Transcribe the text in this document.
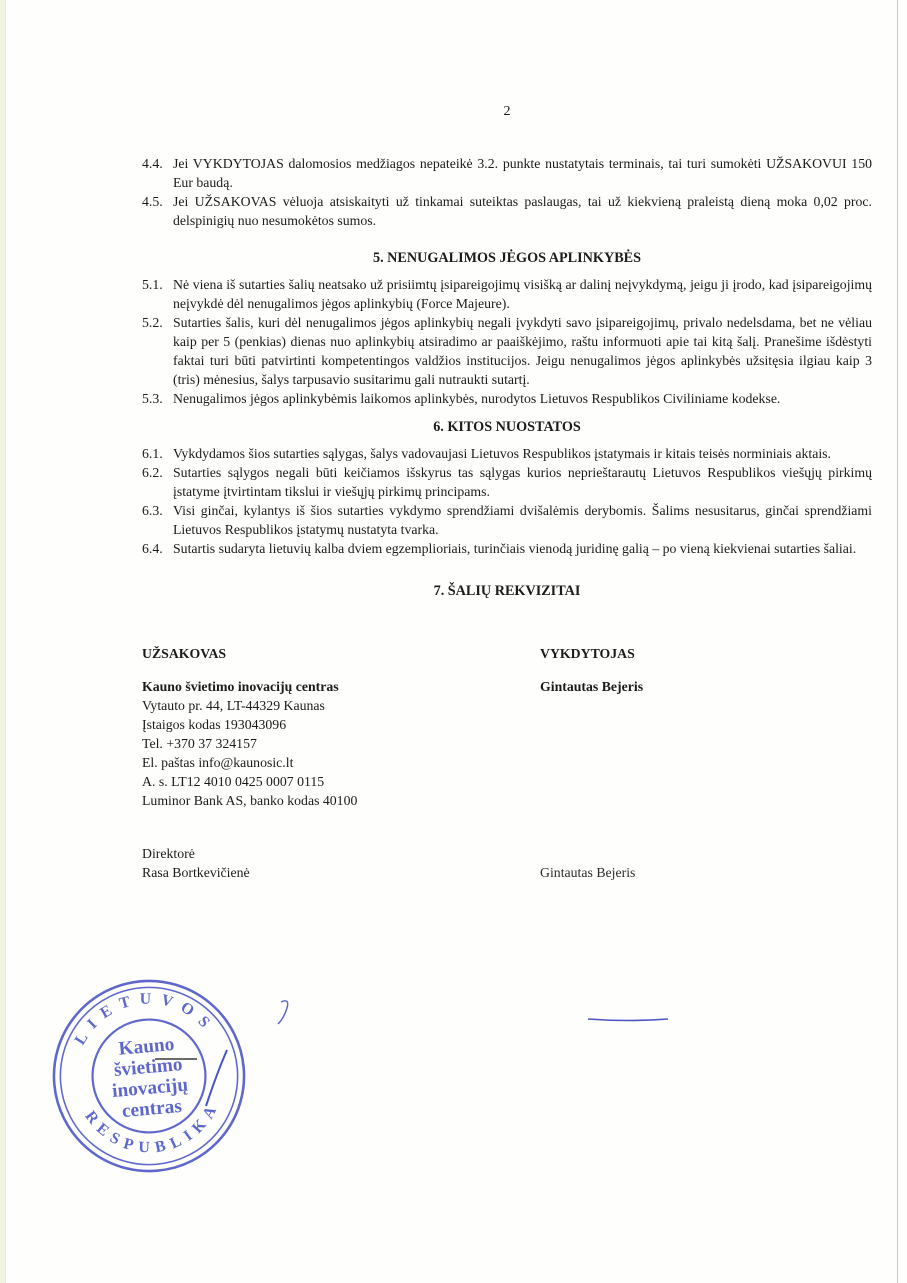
LIETUVOS
RESPUBLIKA
Kauno
švietimo
inovacijų
centras
2
4.4. Jei VYKDYTOJAS dalomosios medžiagos nepateikė 3.2. punkte nustatytais terminais, tai turi sumokėti UŽSAKOVUI 150 Eur baudą.
4.5. Jei UŽSAKOVAS vėluoja atsiskaityti už tinkamai suteiktas paslaugas, tai už kiekvieną praleistą dieną moka 0,02 proc. delspinigių nuo nesumokėtos sumos.
5. NENUGALIMOS JĖGOS APLINKYBĖS
5.1. Nė viena iš sutarties šalių neatsako už prisiimtų įsipareigojimų visišką ar dalinį neįvykdymą, jeigu ji įrodo, kad įsipareigojimų neįvykdė dėl nenugalimos jėgos aplinkybių (Force Majeure).
5.2. Sutarties šalis, kuri dėl nenugalimos jėgos aplinkybių negali įvykdyti savo įsipareigojimų, privalo nedelsdama, bet ne vėliau kaip per 5 (penkias) dienas nuo aplinkybių atsiradimo ar paaiškėjimo, raštu informuoti apie tai kitą šalį. Pranešime išdėstyti faktai turi būti patvirtinti kompetentingos valdžios institucijos. Jeigu nenugalimos jėgos aplinkybės užsitęsia ilgiau kaip 3 (tris) mėnesius, šalys tarpusavio susitarimu gali nutraukti sutartį.
5.3. Nenugalimos jėgos aplinkybėmis laikomos aplinkybės, nurodytos Lietuvos Respublikos Civiliniame kodekse.
6. KITOS NUOSTATOS
6.1. Vykdydamos šios sutarties sąlygas, šalys vadovaujasi Lietuvos Respublikos įstatymais ir kitais teisės norminiais aktais.
6.2. Sutarties sąlygos negali būti keičiamos išskyrus tas sąlygas kurios neprieštarautų Lietuvos Respublikos viešųjų pirkimų įstatyme įtvirtintam tikslui ir viešųjų pirkimų principams.
6.3. Visi ginčai, kylantys iš šios sutarties vykdymo sprendžiami dvišalėmis derybomis. Šalims nesusitarus, ginčai sprendžiami Lietuvos Respublikos įstatymų nustatyta tvarka.
6.4. Sutartis sudaryta lietuvių kalba dviem egzemplioriais, turinčiais vienodą juridinę galią – po vieną kiekvienai sutarties šaliai.
7. ŠALIŲ REKVIZITAI
UŽSAKOVAS
Kauno švietimo inovacijų centras
Vytauto pr. 44, LT-44329 Kaunas
Įstaigos kodas 193043096
Tel. +370 37 324157
El. paštas info@kaunosic.lt
A. s. LT12 4010 0425 0007 0115
Luminor Bank AS, banko kodas 40100
VYKDYTOJAS
Gintautas Bejeris
Direktorė
Rasa Bortkevičienė	Gintautas Bejeris
